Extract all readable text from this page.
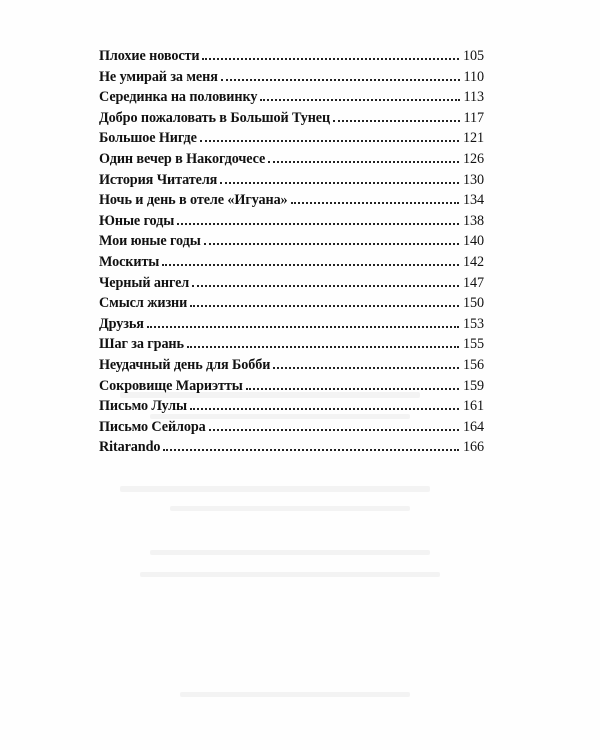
Плохие новости	105
Не умирай за меня	110
Серединка на половинку	113
Добро пожаловать в Большой Тунец	117
Большое Нигде	121
Один вечер в Накогдочесе	126
История Читателя	130
Ночь и день в отеле «Игуана»	134
Юные годы	138
Мои юные годы	140
Москиты	142
Черный ангел	147
Смысл жизни	150
Друзья	153
Шаг за грань	155
Неудачный день для Бобби	156
Сокровище Мариэтты	159
Письмо Лулы	161
Письмо Сейлора	164
Ritarando	166
